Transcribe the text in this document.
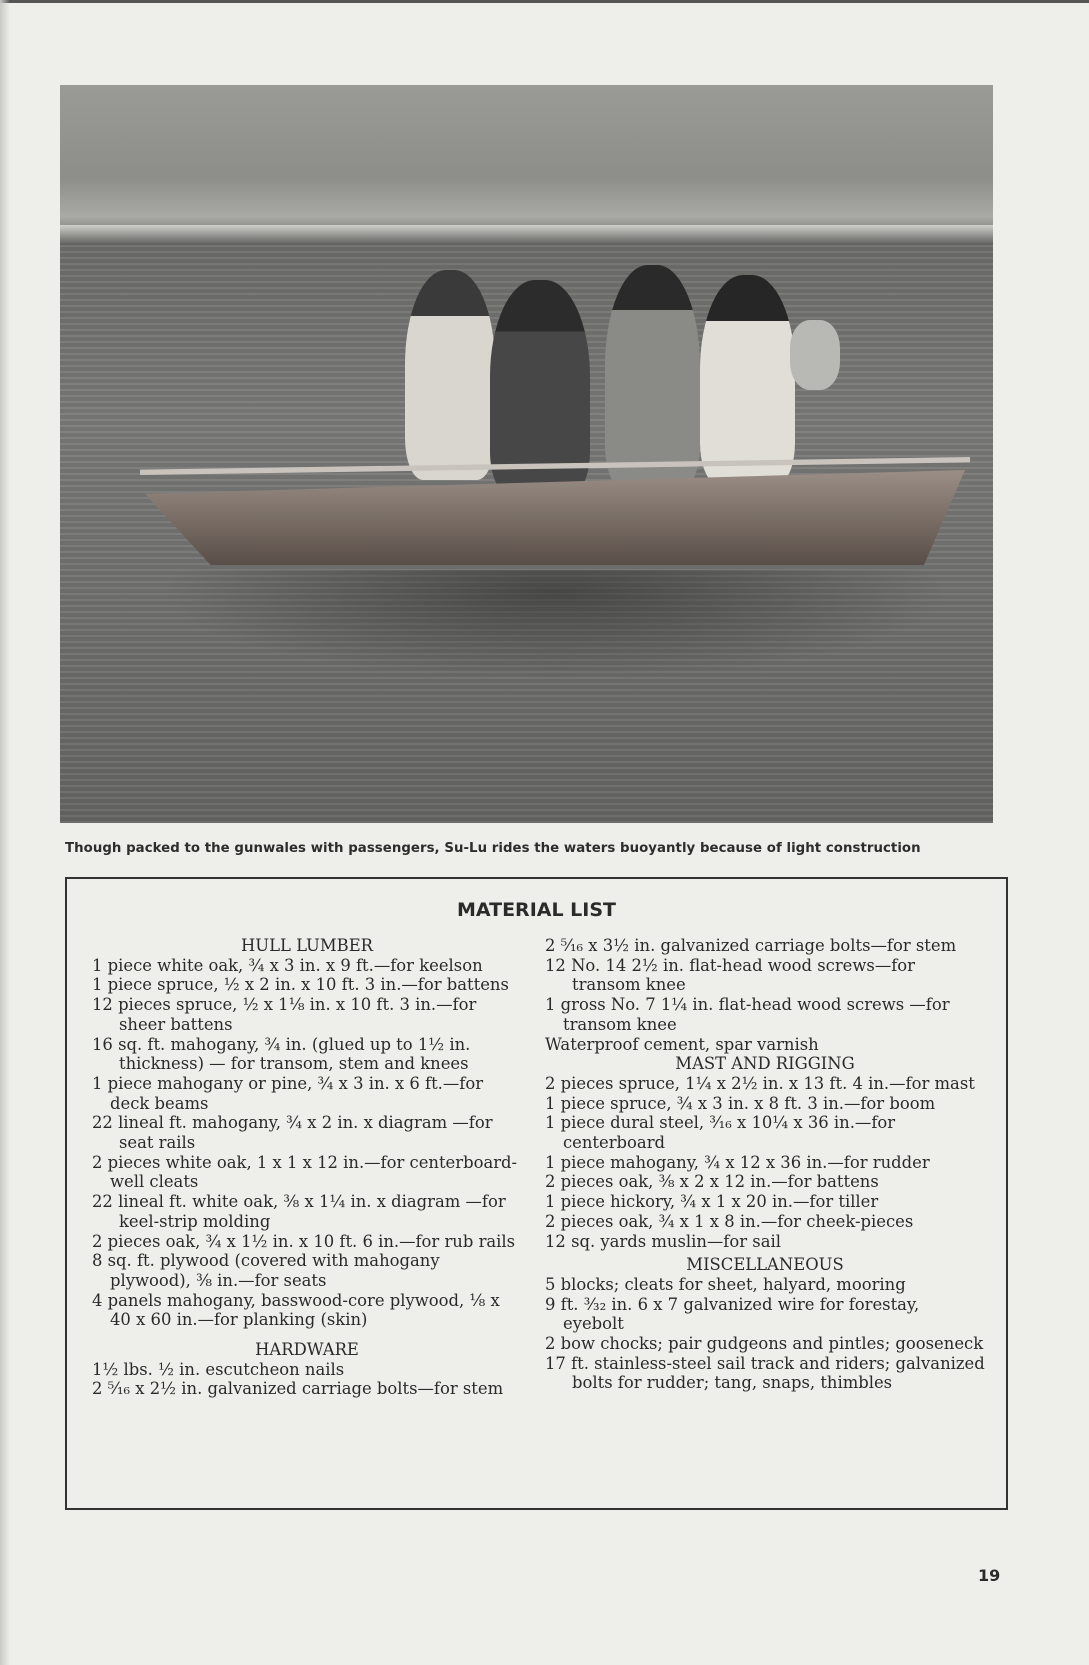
Though packed to the gunwales with passengers, Su-Lu rides the waters buoyantly because of light construction
MATERIAL LIST
HULL LUMBER
1 piece white oak, ¾ x 3 in. x 9 ft.—for keelson
1 piece spruce, ½ x 2 in. x 10 ft. 3 in.—for battens
12 pieces spruce, ½ x 1⅛ in. x 10 ft. 3 in.—for sheer battens
16 sq. ft. mahogany, ¾ in. (glued up to 1½ in. thickness) — for transom, stem and knees
1 piece mahogany or pine, ¾ x 3 in. x 6 ft.—for deck beams
22 lineal ft. mahogany, ¾ x 2 in. x diagram —for seat rails
2 pieces white oak, 1 x 1 x 12 in.—for centerboard-well cleats
22 lineal ft. white oak, ⅜ x 1¼ in. x diagram —for keel-strip molding
2 pieces oak, ¾ x 1½ in. x 10 ft. 6 in.—for rub rails
8 sq. ft. plywood (covered with mahogany plywood), ⅜ in.—for seats
4 panels mahogany, basswood-core plywood, ⅛ x 40 x 60 in.—for planking (skin)
HARDWARE
1½ lbs. ½ in. escutcheon nails
2 ⁵⁄₁₆ x 2½ in. galvanized carriage bolts—for stem
2 ⁵⁄₁₆ x 3½ in. galvanized carriage bolts—for stem
12 No. 14 2½ in. flat-head wood screws—for transom knee
1 gross No. 7 1¼ in. flat-head wood screws —for transom knee
Waterproof cement, spar varnish
MAST AND RIGGING
2 pieces spruce, 1¼ x 2½ in. x 13 ft. 4 in.—for mast
1 piece spruce, ¾ x 3 in. x 8 ft. 3 in.—for boom
1 piece dural steel, ³⁄₁₆ x 10¼ x 36 in.—for centerboard
1 piece mahogany, ¾ x 12 x 36 in.—for rudder
2 pieces oak, ⅜ x 2 x 12 in.—for battens
1 piece hickory, ¾ x 1 x 20 in.—for tiller
2 pieces oak, ¾ x 1 x 8 in.—for cheek-pieces
12 sq. yards muslin—for sail
MISCELLANEOUS
5 blocks; cleats for sheet, halyard, mooring
9 ft. ³⁄₃₂ in. 6 x 7 galvanized wire for forestay, eyebolt
2 bow chocks; pair gudgeons and pintles; gooseneck
17 ft. stainless-steel sail track and riders; galvanized bolts for rudder; tang, snaps, thimbles
19
